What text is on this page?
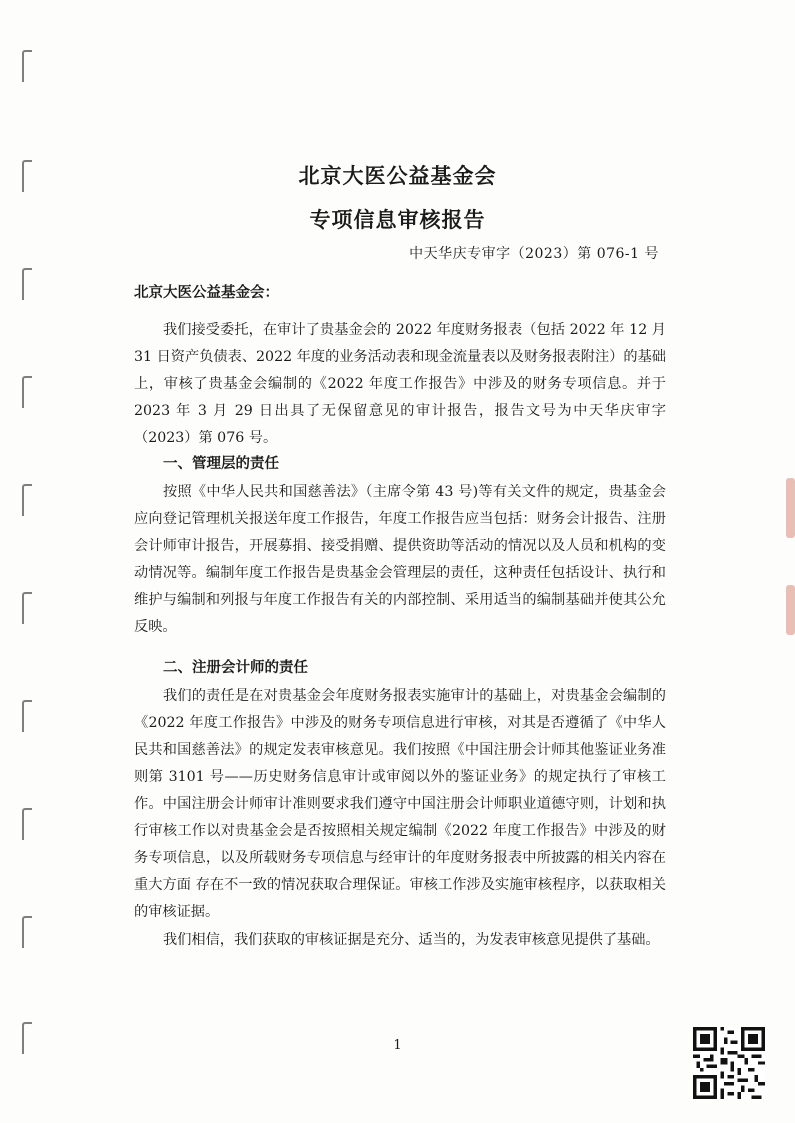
北京大医公益基金会
专项信息审核报告
中天华庆专审字（2023）第 076-1 号
北京大医公益基金会：

我们接受委托，在审计了贵基金会的 2022 年度财务报表（包括 2022 年 12 月 31 日资产负债表、2022 年度的业务活动表和现金流量表以及财务报表附注）的基础上，审核了贵基金会编制的《2022 年度工作报告》中涉及的财务专项信息。并于 2023 年 3 月 29 日出具了无保留意见的审计报告，报告文号为中天华庆审字（2023）第 076 号。

一、管理层的责任

按照《中华人民共和国慈善法》（主席令第 43 号)等有关文件的规定，贵基金会应向登记管理机关报送年度工作报告，年度工作报告应当包括：财务会计报告、注册会计师审计报告，开展募捐、接受捐赠、提供资助等活动的情况以及人员和机构的变动情况等。编制年度工作报告是贵基金会管理层的责任，这种责任包括设计、执行和维护与编制和列报与年度工作报告有关的内部控制、采用适当的编制基础并使其公允反映。

二、注册会计师的责任

我们的责任是在对贵基金会年度财务报表实施审计的基础上，对贵基金会编制的《2022 年度工作报告》中涉及的财务专项信息进行审核，对其是否遵循了《中华人民共和国慈善法》的规定发表审核意见。我们按照《中国注册会计师其他鉴证业务准则第 3101 号——历史财务信息审计或审阅以外的鉴证业务》的规定执行了审核工作。中国注册会计师审计准则要求我们遵守中国注册会计师职业道德守则，计划和执行审核工作以对贵基金会是否按照相关规定编制《2022 年度工作报告》中涉及的财务专项信息，以及所载财务专项信息与经审计的年度财务报表中所披露的相关内容在重大方面 存在不一致的情况获取合理保证。审核工作涉及实施审核程序，以获取相关的审核证据。

我们相信，我们获取的审核证据是充分、适当的，为发表审核意见提供了基础。

1
